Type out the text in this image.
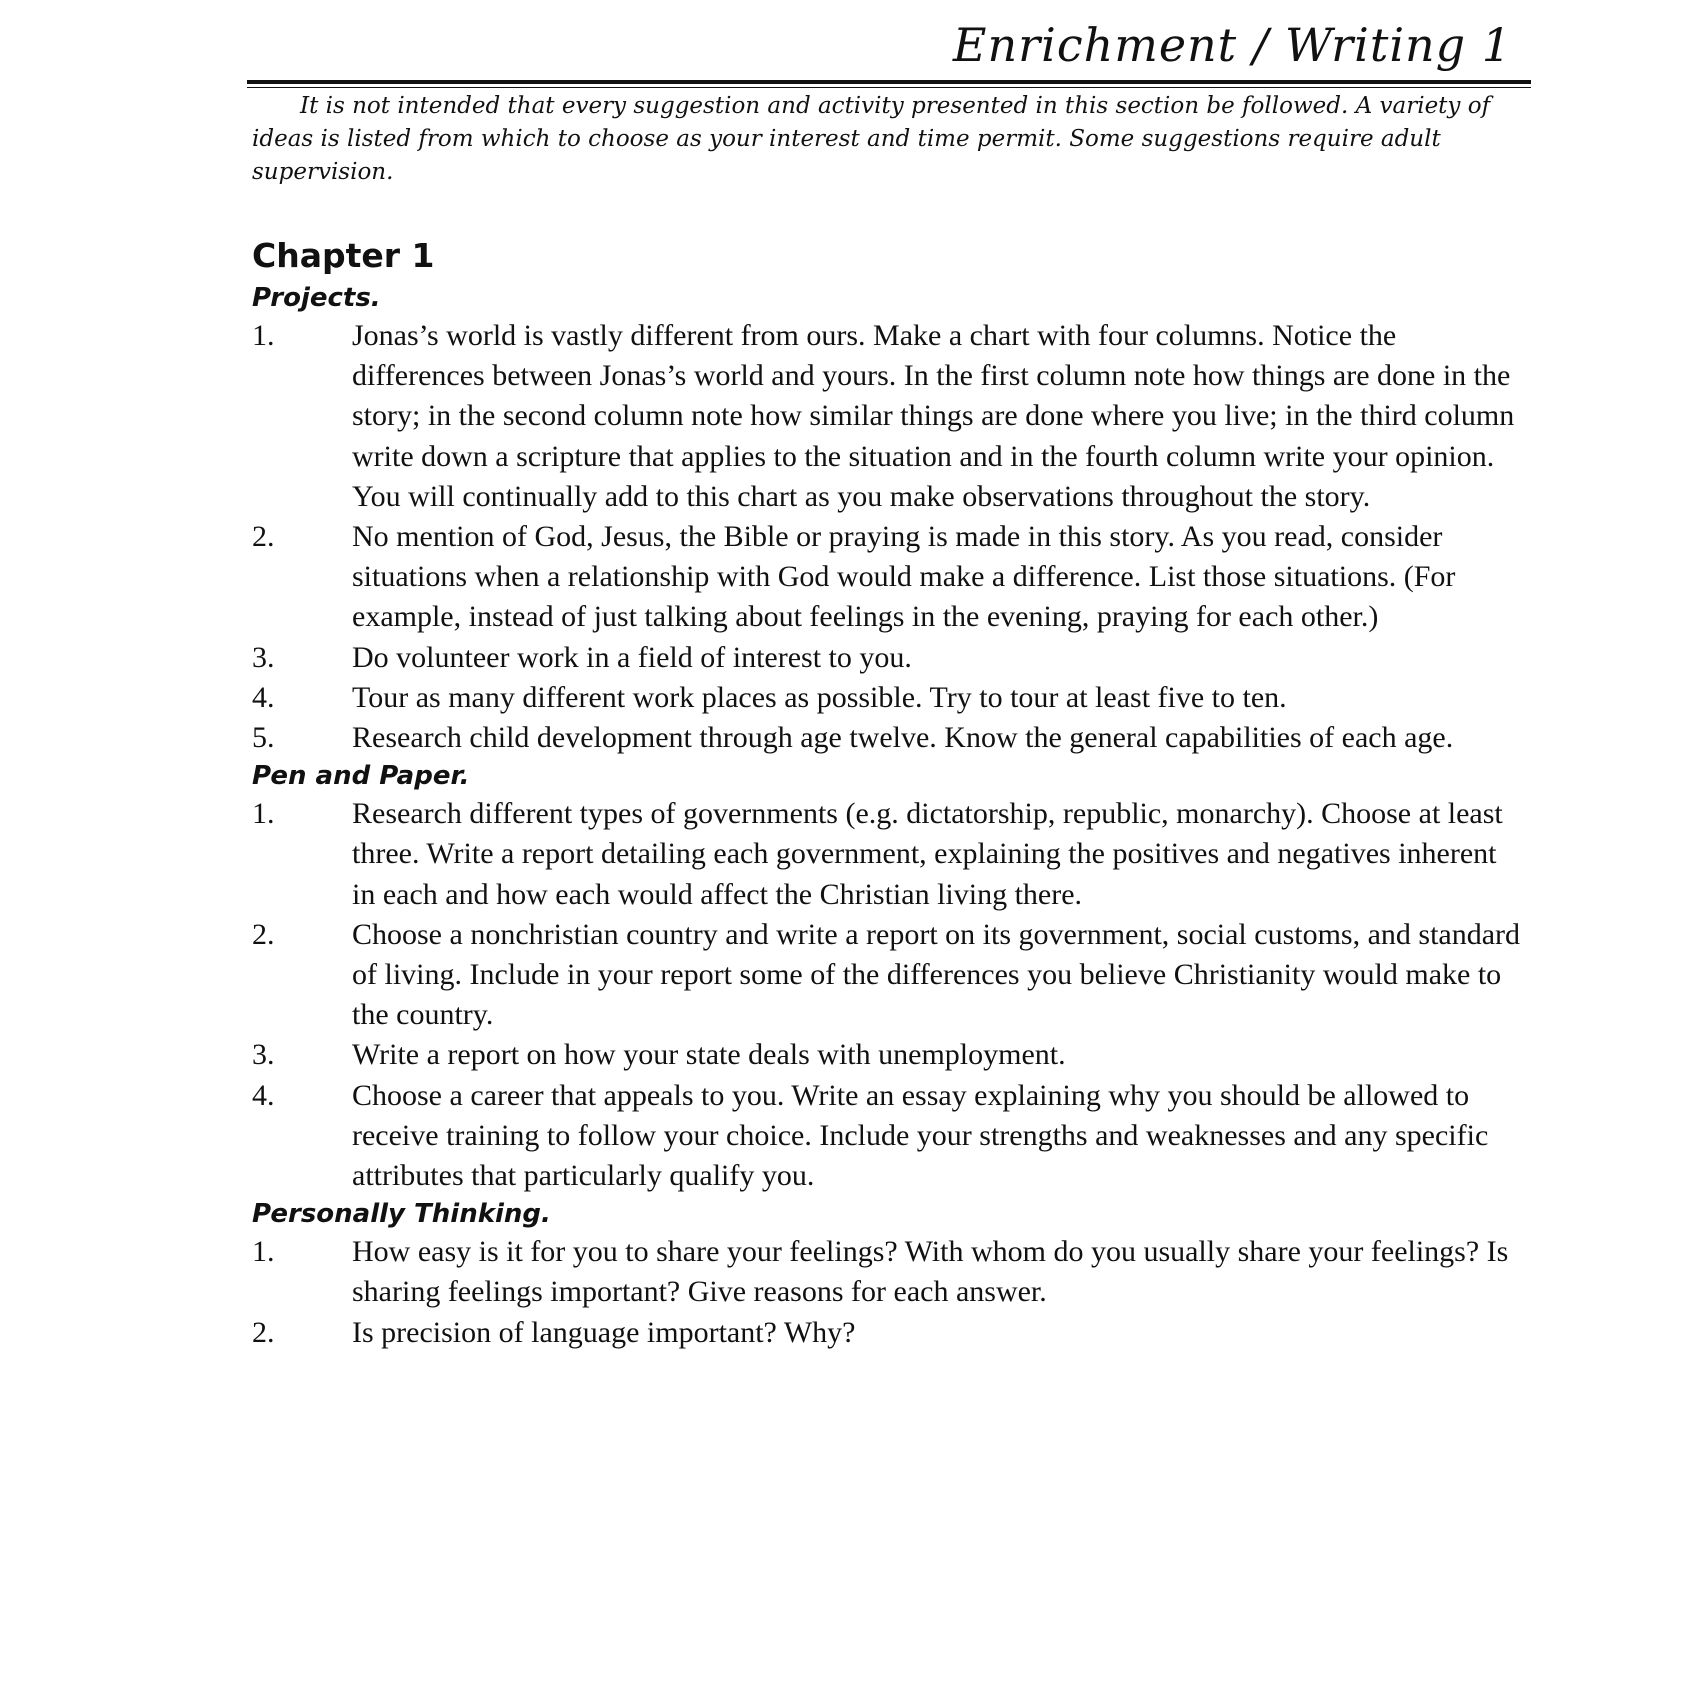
Enrichment / Writing 1

It is not intended that every suggestion and activity presented in this section be followed. A variety of ideas is listed from which to choose as your interest and time permit. Some suggestions require adult supervision.

Chapter 1
Projects.
1.	Jonas’s world is vastly different from ours. Make a chart with four columns. Notice the differences between Jonas’s world and yours. In the first column note how things are done in the story; in the second column note how similar things are done where you live; in the third column write down a scripture that applies to the situation and in the fourth column write your opinion. You will continually add to this chart as you make observations throughout the story.
2.	No mention of God, Jesus, the Bible or praying is made in this story. As you read, consider situations when a relationship with God would make a difference. List those situations. (For example, instead of just talking about feelings in the evening, praying for each other.)
3.	Do volunteer work in a field of interest to you.
4.	Tour as many different work places as possible. Try to tour at least five to ten.
5.	Research child development through age twelve. Know the general capabilities of each age.
Pen and Paper.
1.	Research different types of governments (e.g. dictatorship, republic, monarchy). Choose at least three. Write a report detailing each government, explaining the positives and negatives inherent in each and how each would affect the Christian living there.
2.	Choose a nonchristian country and write a report on its government, social customs, and standard of living. Include in your report some of the differences you believe Christianity would make to the country.
3.	Write a report on how your state deals with unemployment.
4.	Choose a career that appeals to you. Write an essay explaining why you should be allowed to receive training to follow your choice. Include your strengths and weaknesses and any specific attributes that particularly qualify you.
Personally Thinking.
1.	How easy is it for you to share your feelings? With whom do you usually share your feelings? Is sharing feelings important? Give reasons for each answer.
2.	Is precision of language important? Why?
